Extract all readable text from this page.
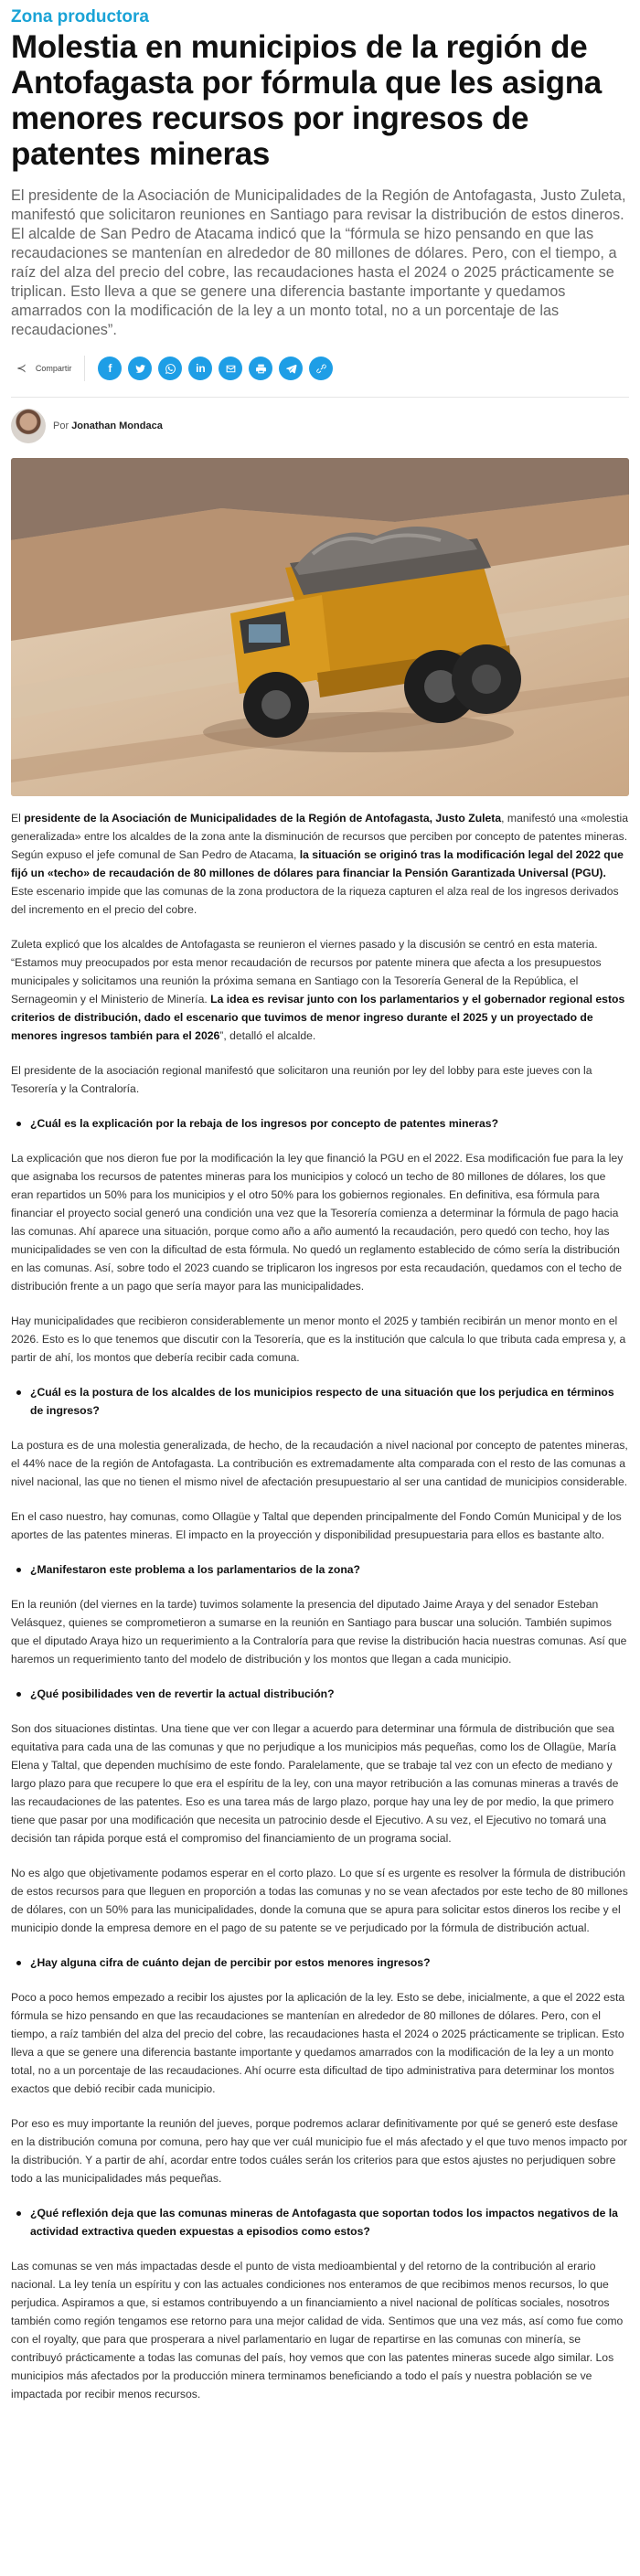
Zona productora
Molestia en municipios de la región de Antofagasta por fórmula que les asigna menores recursos por ingresos de patentes mineras

El presidente de la Asociación de Municipalidades de la Región de Antofagasta, Justo Zuleta, manifestó que solicitaron reuniones en Santiago para revisar la distribución de estos dineros. El alcalde de San Pedro de Atacama indicó que la “fórmula se hizo pensando en que las recaudaciones se mantenían en alrededor de 80 millones de dólares. Pero, con el tiempo, a raíz del alza del precio del cobre, las recaudaciones hasta el 2024 o 2025 prácticamente se triplican. Esto lleva a que se genere una diferencia bastante importante y quedamos amarrados con la modificación de la ley a un monto total, no a un porcentaje de las recaudaciones”.

≺ Compartir	f	in
Por Jonathan Mondaca

El presidente de la Asociación de Municipalidades de la Región de Antofagasta, Justo Zuleta, manifestó una «molestia generalizada» entre los alcaldes de la zona ante la disminución de recursos que perciben por concepto de patentes mineras. Según expuso el jefe comunal de San Pedro de Atacama, la situación se originó tras la modificación legal del 2022 que fijó un «techo» de recaudación de 80 millones de dólares para financiar la Pensión Garantizada Universal (PGU). Este escenario impide que las comunas de la zona productora de la riqueza capturen el alza real de los ingresos derivados del incremento en el precio del cobre.

Zuleta explicó que los alcaldes de Antofagasta se reunieron el viernes pasado y la discusión se centró en esta materia. “Estamos muy preocupados por esta menor recaudación de recursos por patente minera que afecta a los presupuestos municipales y solicitamos una reunión la próxima semana en Santiago con la Tesorería General de la República, el Sernageomin y el Ministerio de Minería. La idea es revisar junto con los parlamentarios y el gobernador regional estos criterios de distribución, dado el escenario que tuvimos de menor ingreso durante el 2025 y un proyectado de menores ingresos también para el 2026”, detalló el alcalde.

El presidente de la asociación regional manifestó que solicitaron una reunión por ley del lobby para este jueves con la Tesorería y la Contraloría.

¿Cuál es la explicación por la rebaja de los ingresos por concepto de patentes mineras?

La explicación que nos dieron fue por la modificación la ley que financió la PGU en el 2022. Esa modificación fue para la ley que asignaba los recursos de patentes mineras para los municipios y colocó un techo de 80 millones de dólares, los que eran repartidos un 50% para los municipios y el otro 50% para los gobiernos regionales. En definitiva, esa fórmula para financiar el proyecto social generó una condición una vez que la Tesorería comienza a determinar la fórmula de pago hacia las comunas. Ahí aparece una situación, porque como año a año aumentó la recaudación, pero quedó con techo, hoy las municipalidades se ven con la dificultad de esta fórmula. No quedó un reglamento establecido de cómo sería la distribución en las comunas. Así, sobre todo el 2023 cuando se triplicaron los ingresos por esta recaudación, quedamos con el techo de distribución frente a un pago que sería mayor para las municipalidades.

Hay municipalidades que recibieron considerablemente un menor monto el 2025 y también recibirán un menor monto en el 2026. Esto es lo que tenemos que discutir con la Tesorería, que es la institución que calcula lo que tributa cada empresa y, a partir de ahí, los montos que debería recibir cada comuna.

¿Cuál es la postura de los alcaldes de los municipios respecto de una situación que los perjudica en términos de ingresos?

La postura es de una molestia generalizada, de hecho, de la recaudación a nivel nacional por concepto de patentes mineras, el 44% nace de la región de Antofagasta. La contribución es extremadamente alta comparada con el resto de las comunas a nivel nacional, las que no tienen el mismo nivel de afectación presupuestario al ser una cantidad de municipios considerable.

En el caso nuestro, hay comunas, como Ollagüe y Taltal que dependen principalmente del Fondo Común Municipal y de los aportes de las patentes mineras. El impacto en la proyección y disponibilidad presupuestaria para ellos es bastante alto.

¿Manifestaron este problema a los parlamentarios de la zona?

En la reunión (del viernes en la tarde) tuvimos solamente la presencia del diputado Jaime Araya y del senador Esteban Velásquez, quienes se comprometieron a sumarse en la reunión en Santiago para buscar una solución. También supimos que el diputado Araya hizo un requerimiento a la Contraloría para que revise la distribución hacia nuestras comunas. Así que haremos un requerimiento tanto del modelo de distribución y los montos que llegan a cada municipio.

¿Qué posibilidades ven de revertir la actual distribución?

Son dos situaciones distintas. Una tiene que ver con llegar a acuerdo para determinar una fórmula de distribución que sea equitativa para cada una de las comunas y que no perjudique a los municipios más pequeñas, como los de Ollagüe, María Elena y Taltal, que dependen muchísimo de este fondo. Paralelamente, que se trabaje tal vez con un efecto de mediano y largo plazo para que recupere lo que era el espíritu de la ley, con una mayor retribución a las comunas mineras a través de las recaudaciones de las patentes. Eso es una tarea más de largo plazo, porque hay una ley de por medio, la que primero tiene que pasar por una modificación que necesita un patrocinio desde el Ejecutivo. A su vez, el Ejecutivo no tomará una decisión tan rápida porque está el compromiso del financiamiento de un programa social.

No es algo que objetivamente podamos esperar en el corto plazo. Lo que sí es urgente es resolver la fórmula de distribución de estos recursos para que lleguen en proporción a todas las comunas y no se vean afectados por este techo de 80 millones de dólares, con un 50% para las municipalidades, donde la comuna que se apura para solicitar estos dineros los recibe y el municipio donde la empresa demore en el pago de su patente se ve perjudicado por la fórmula de distribución actual.

¿Hay alguna cifra de cuánto dejan de percibir por estos menores ingresos?

Poco a poco hemos empezado a recibir los ajustes por la aplicación de la ley. Esto se debe, inicialmente, a que el 2022 esta fórmula se hizo pensando en que las recaudaciones se mantenían en alrededor de 80 millones de dólares. Pero, con el tiempo, a raíz también del alza del precio del cobre, las recaudaciones hasta el 2024 o 2025 prácticamente se triplican. Esto lleva a que se genere una diferencia bastante importante y quedamos amarrados con la modificación de la ley a un monto total, no a un porcentaje de las recaudaciones. Ahí ocurre esta dificultad de tipo administrativa para determinar los montos exactos que debió recibir cada municipio.

Por eso es muy importante la reunión del jueves, porque podremos aclarar definitivamente por qué se generó este desfase en la distribución comuna por comuna, pero hay que ver cuál municipio fue el más afectado y el que tuvo menos impacto por la distribución. Y a partir de ahí, acordar entre todos cuáles serán los criterios para que estos ajustes no perjudiquen sobre todo a las municipalidades más pequeñas.

¿Qué reflexión deja que las comunas mineras de Antofagasta que soportan todos los impactos negativos de la actividad extractiva queden expuestas a episodios como estos?

Las comunas se ven más impactadas desde el punto de vista medioambiental y del retorno de la contribución al erario nacional. La ley tenía un espíritu y con las actuales condiciones nos enteramos de que recibimos menos recursos, lo que perjudica. Aspiramos a que, si estamos contribuyendo a un financiamiento a nivel nacional de políticas sociales, nosotros también como región tengamos ese retorno para una mejor calidad de vida. Sentimos que una vez más, así como fue como con el royalty, que para que prosperara a nivel parlamentario en lugar de repartirse en las comunas con minería, se contribuyó prácticamente a todas las comunas del país, hoy vemos que con las patentes mineras sucede algo similar. Los municipios más afectados por la producción minera terminamos beneficiando a todo el país y nuestra población se ve impactada por recibir menos recursos.
